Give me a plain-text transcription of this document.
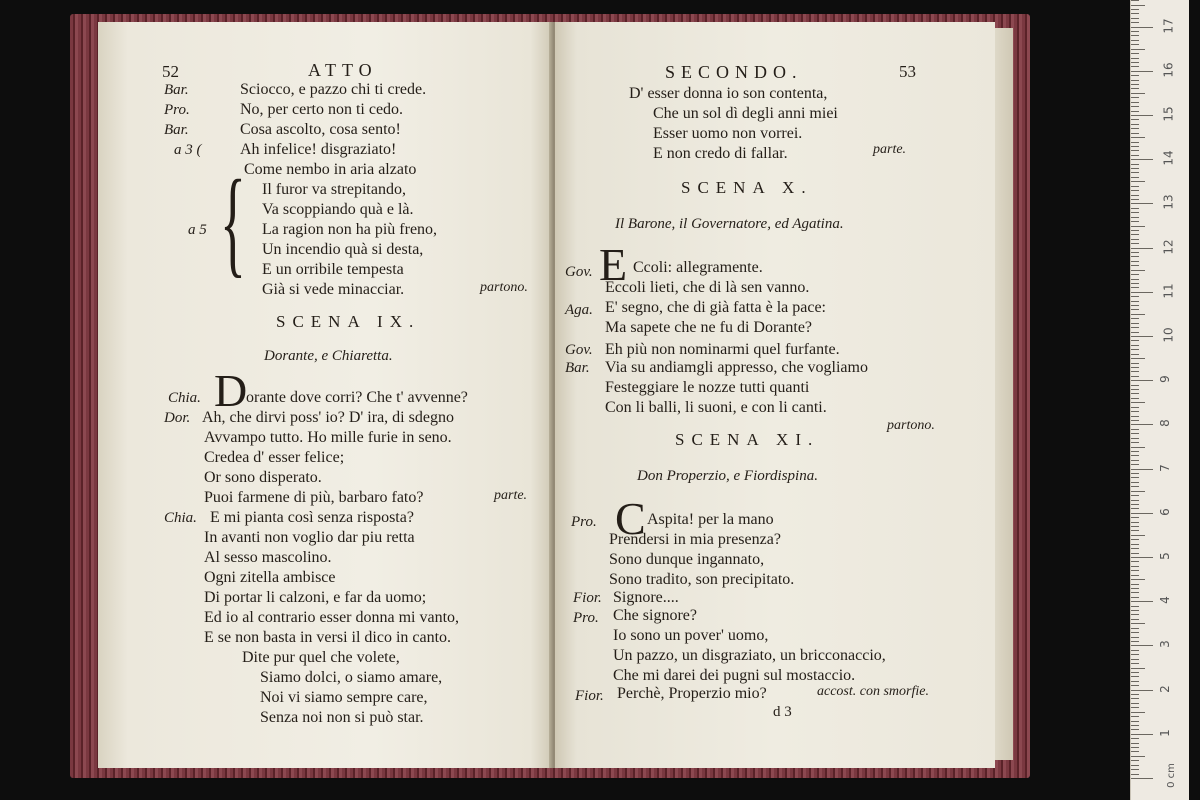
52	ATTO
Bar.	Sciocco, e pazzo chi ti crede.
Pro.	No, per certo non ti cedo.
Bar.	Cosa ascolto, cosa sento!
a 3 ( Ah infelice! disgraziato!
Come nembo in aria alzato
{ Il furor va strepitando,
Va scoppiando quà e là.
a 5	La ragion non ha più freno,
Un incendio quà si desta,
E un orribile tempesta
Già si vede minacciar.	partono.
SCENA IX.
Dorante, e Chiaretta.
Chia. D
orante dove corri? Che t' avvenne?
Dor. Ah, che dirvi poss' io? D' ira, di sdegno
Avvampo tutto. Ho mille furie in seno.
Credea d' esser felice;
Or sono disperato.
Puoi farmene di più, barbaro fato?	parte.
Chia. E mi pianta così senza risposta?
In avanti non voglio dar piu retta
Al sesso mascolino.
Ogni zitella ambisce
Di portar li calzoni, e far da uomo;
Ed io al contrario esser donna mi vanto,
E se non basta in versi il dico in canto.
Dite pur quel che volete,
Siamo dolci, o siamo amare,
Noi vi siamo sempre care,
Senza noi non si può star.
SECONDO.	53
D' esser donna io son contenta,
Che un sol dì degli anni miei
Esser uomo non vorrei.
E non credo di fallar.	parte.
SCENA X.
Il Barone, il Governatore, ed Agatina.
Gov. E Ccoli: allegramente.
Eccoli lieti, che di là sen vanno.
Aga. E' segno, che di già fatta è la pace:
Ma sapete che ne fu di Dorante?
Gov. Eh più non nominarmi quel furfante.
Bar. Via su andiamgli appresso, che vogliamo
Festeggiare le nozze tutti quanti
Con li balli, li suoni, e con li canti.
partono.
SCENA XI.
Don Properzio, e Fiordispina.
Pro. C Aspita! per la mano
Prendersi in mia presenza?
Sono dunque ingannato,
Sono tradito, son precipitato.
Fior. Signore....
Pro. Che signore?
Io sono un pover' uomo,
Un pazzo, un disgraziato, un bricconaccio,
Che mi darei dei pugni sul mostaccio.
Fior. Perchè, Properzio mio?	accost. con smorfie.
d 3
0 cm
1
2
3
4
5
6
7
8
9
10
11
12
13
14
15
16
17
